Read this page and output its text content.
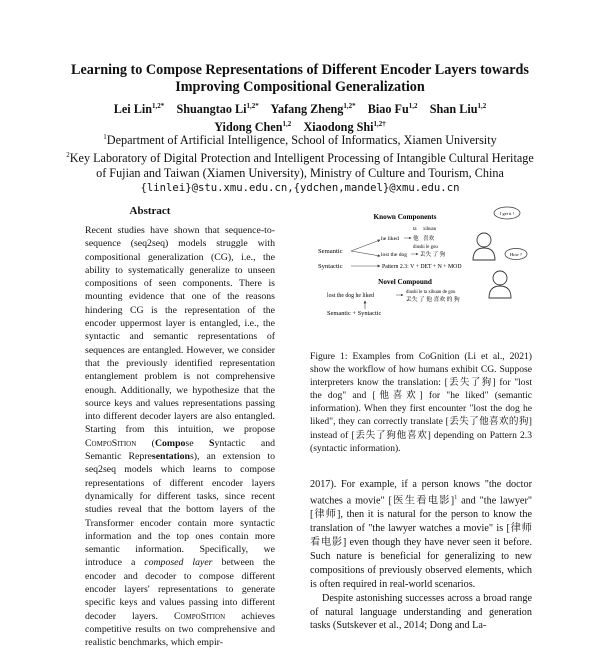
Learning to Compose Representations of Different Encoder Layers towards
Improving Compositional Generalization
Lei Lin$^{1,2*}$ Shuangtao $Li^{1,2*}$ Yafang Zheng$^{1,2*}$ Biao Fu$^{1,2}$ Shan Liu$^{1,2}$
Yidong Chen$^{1,2}$ Xiaodong Shi$^{1,2\dagger}$
$^1$Department of Artificial Intelligence, School of Informatics, Xiamen University
$^2$Key Laboratory of Digital Protection and Intelligent Processing of Intangible Cultural Heritage
of Fujian and Taiwan (Xiamen University), Ministry of Culture and Tourism, China
{linlei}@stu.xmu.edu.cn,{ydchen,mandel}@xmu.edu.cn
Abstract
Recent studies have shown that sequence-to-sequence (seq2seq) models struggle with compositional generalization (CG), i.e., the ability to systematically generalize to unseen compositions of seen components. There is mounting evidence that one of the reasons hindering CG is the representation of the encoder uppermost layer is entangled, i.e., the syntactic and semantic representations of sequences are entangled. However, we consider that the previously identified representation entanglement problem is not comprehensive enough. Additionally, we hypothesize that the source keys and values representations passing into different decoder layers are also entangled. Starting from this intuition, we propose CompoSition (Compose Syntactic and Semantic Representations), an extension to seq2seq models which learns to compose representations of different encoder layers dynamically for different tasks, since recent studies reveal that the bottom layers of the Transformer encoder contain more syntactic information and the top ones contain more semantic information. Specifically, we introduce a composed layer between the encoder and decoder to compose different encoder layers' representations to generate specific keys and values passing into different decoder layers. CompoSition achieves competitive results on two comprehensive and realistic benchmarks, which empir-
Known Components
Semantic
ta xihuan
he liked	他 喜欢
diushi le gou
lost the dog 丢失 了 狗
Syntactic	Pattern 2.3: V + DET + N + MOD
Novel Compound
lost the dog he liked
diushi le ta xihuan de gou
丢失 了 他 喜欢 的 狗
Semantic + Syntactic
I get it !
How ?
Figure 1: Examples from CoGnition (Li et al., 2021) show the workflow of how humans exhibit CG. Suppose interpreters know the translation: [丢失了狗] for "lost the dog" and [他喜欢] for "he liked" (semantic information). When they first encounter "lost the dog he liked", they can correctly translate [丢失了他喜欢的狗] instead of [丢失了狗他喜欢] depending on Pattern 2.3 (syntactic information).

2017). For example, if a person knows "the doctor watches a movie" [医生看电影]$^1$ and "the lawyer" [律师], then it is natural for the person to know the translation of "the lawyer watches a movie" is [律师看电影] even though they have never seen it before. Such nature is beneficial for generalizing to new compositions of previously observed elements, which is often required in real-world scenarios.

Despite astonishing successes across a broad range of natural language understanding and generation tasks (Sutskever et al., 2014; Dong and La-
